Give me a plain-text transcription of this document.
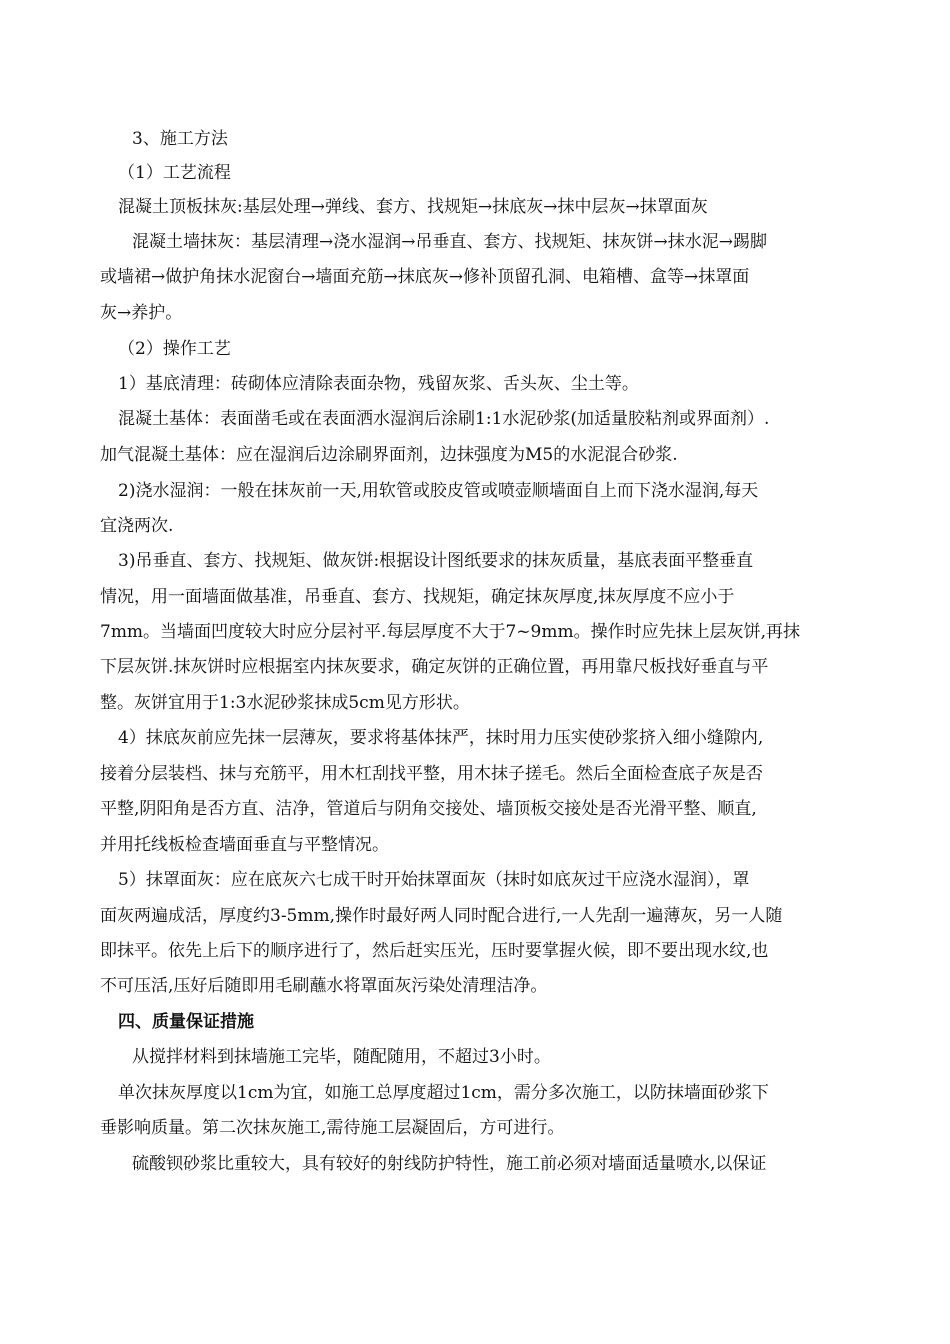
3、施工方法
（1）工艺流程
混凝土顶板抹灰:基层处理→弹线、套方、找规矩→抹底灰→抹中层灰→抹罩面灰
混凝土墙抹灰：基层清理→浇水湿润→吊垂直、套方、找规矩、抹灰饼→抹水泥→踢脚
或墙裙→做护角抹水泥窗台→墙面充筋→抹底灰→修补顶留孔洞、电箱槽、盒等→抹罩面
灰→养护。
（2）操作工艺
1）基底清理：砖砌体应清除表面杂物，残留灰浆、舌头灰、尘土等。
混凝土基体：表面凿毛或在表面洒水湿润后涂刷1:1水泥砂浆(加适量胶粘剂或界面剂）.
加气混凝土基体：应在湿润后边涂刷界面剂，边抹强度为M5的水泥混合砂浆.
2)浇水湿润：一般在抹灰前一天,用软管或胶皮管或喷壶顺墙面自上而下浇水湿润,每天
宜浇两次.
3)吊垂直、套方、找规矩、做灰饼:根据设计图纸要求的抹灰质量，基底表面平整垂直
情况，用一面墙面做基准，吊垂直、套方、找规矩，确定抹灰厚度,抹灰厚度不应小于
7mm。当墙面凹度较大时应分层衬平.每层厚度不大于7~9mm。操作时应先抹上层灰饼,再抹
下层灰饼.抹灰饼时应根据室内抹灰要求，确定灰饼的正确位置，再用靠尺板找好垂直与平
整。灰饼宜用于1:3水泥砂浆抹成5cm见方形状。
4）抹底灰前应先抹一层薄灰，要求将基体抹严，抹时用力压实使砂浆挤入细小缝隙内,
接着分层装档、抹与充筋平，用木杠刮找平整，用木抹子搓毛。然后全面检查底子灰是否
平整,阴阳角是否方直、洁净，管道后与阴角交接处、墙顶板交接处是否光滑平整、顺直,
并用托线板检查墙面垂直与平整情况。
5）抹罩面灰：应在底灰六七成干时开始抹罩面灰（抹时如底灰过干应浇水湿润），罩
面灰两遍成活，厚度约3-5mm,操作时最好两人同时配合进行,一人先刮一遍薄灰，另一人随
即抹平。依先上后下的顺序进行了，然后赶实压光，压时要掌握火候，即不要出现水纹,也
不可压活,压好后随即用毛刷蘸水将罩面灰污染处清理洁净。
四、质量保证措施
从搅拌材料到抹墙施工完毕，随配随用，不超过3小时。
单次抹灰厚度以1cm为宜，如施工总厚度超过1cm，需分多次施工，以防抹墙面砂浆下
垂影响质量。第二次抹灰施工,需待施工层凝固后，方可进行。
硫酸钡砂浆比重较大，具有较好的射线防护特性，施工前必须对墙面适量喷水,以保证
